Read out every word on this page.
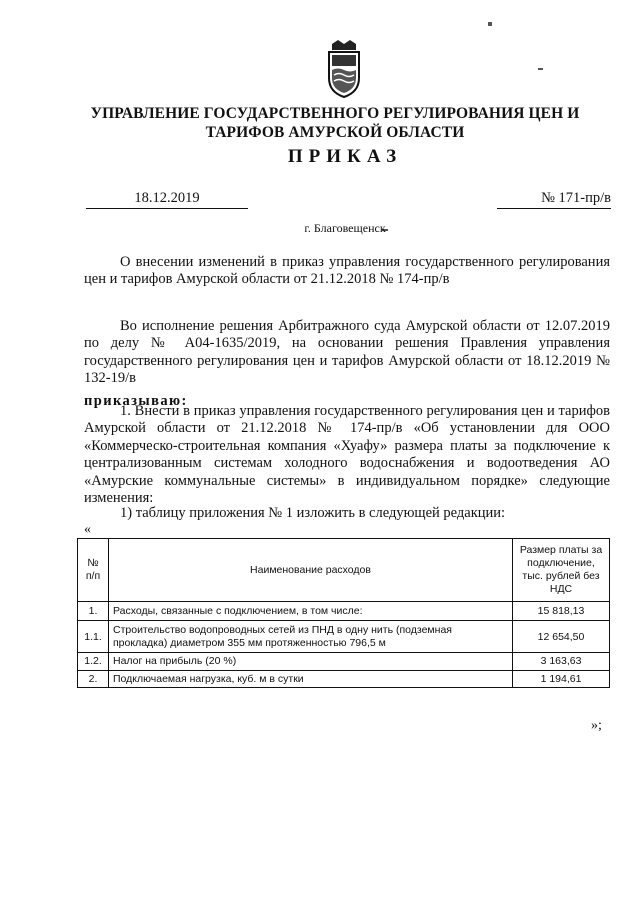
УПРАВЛЕНИЕ ГОСУДАРСТВЕННОГО РЕГУЛИРОВАНИЯ ЦЕН И
ТАРИФОВ АМУРСКОЙ ОБЛАСТИ
ПРИКАЗ
18.12.2019	№ 171-пр/в
г. Благовещенск
О внесении изменений в приказ управления государственного регулирования цен и тарифов Амурской области от 21.12.2018 № 174-пр/в
Во исполнение решения Арбитражного суда Амурской области от 12.07.2019 по делу № А04-1635/2019, на основании решения Правления управления государственного регулирования цен и тарифов Амурской области от 18.12.2019 № 132-19/в
приказываю:
1. Внести в приказ управления государственного регулирования цен и тарифов Амурской области от 21.12.2018 № 174-пр/в «Об установлении для ООО «Коммерческо-строительная компания «Хуафу» размера платы за подключение к централизованным системам холодного водоснабжения и водоотведения АО «Амурские коммунальные системы» в индивидуальном порядке» следующие изменения:
1) таблицу приложения № 1 изложить в следующей редакции:
«
№ п/п	Наименование расходов	Размер платы за подключение, тыс. рублей без НДС
1.	Расходы, связанные с подключением, в том числе:	15 818,13
1.1.	Строительство водопроводных сетей из ПНД в одну нить (подземная прокладка) диаметром 355 мм протяженностью 796,5 м	12 654,50
1.2.	Налог на прибыль (20 %)	3 163,63
2.	Подключаемая нагрузка, куб. м в сутки	1 194,61
»;
